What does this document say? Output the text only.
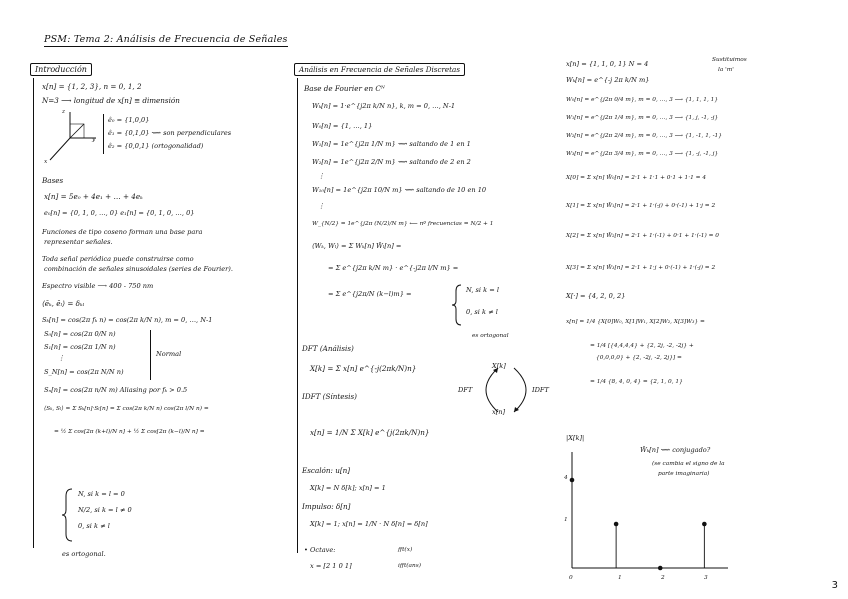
PSM: Tema 2: Análisis de Frecuencia de Señales
Introducción
x[n] = {1, 2, 3}, n = 0, 1, 2
N=3 ⟶ longitud de x[n] ≡ dimensión
z
y
x
ê₀ = {1,0,0}
ê₁ = {0,1,0} ⟿ son perpendiculares
ê₂ = {0,0,1} (ortogonalidad)
Bases
x[n] = 5e₀ + 4e₁ + … + 4eₖ
e₀[n] = {0, 1, 0, …, 0} e₁[n] = {0, 1, 0, …, 0}
Funciones de tipo coseno forman una base para
representar señales.
Toda señal periódica puede construirse como
combinación de señales sinusoidales (series de Fourier).
Espectro visible ⟶ 400 - 750 nm
⟨ēₖ, ēₗ⟩ = δₖₗ
Sₖ[n] = cos(2π fₖ n) = cos(2π k/N n), m = 0, …, N-1
S₀[n] = cos(2π 0/N n)
S₁[n] = cos(2π 1/N n)
⋮
S_N[n] = cos(2π N/N n)
Normal
Sₙ[n] = cos(2π n/N m) Aliasing por fₖ > 0.5
⟨Sₖ, Sₗ⟩ = Σ Sₖ[n]·Sₗ[n] = Σ cos(2π k/N n) cos(2π l/N n) =
= ½ Σ cos[2π (k+l)/N n] + ½ Σ cos[2π (k−l)/N n] =
N, si k = l = 0
N/2, si k = l ≠ 0
0, si k ≠ l
es ortogonal.
Análisis en Frecuencia de Señales Discretas
Base de Fourier en Cᴺ
Wₖ[n] = 1·e^{j2π k/N n}, k, m = 0, …, N-1
W₀[n] = {1, …, 1}
W₁[n] = 1e^{j2π 1/N m} ⟿ saltando de 1 en 1
W₂[n] = 1e^{j2π 2/N m} ⟿ saltando de 2 en 2
⋮
W₁₀[n] = 1e^{j2π 10/N m} ⟿ saltando de 10 en 10
⋮
W_{N/2} = 1e^{j2π (N/2)/N m} ⟵ nº frecuencias = N/2 + 1
⟨Wₖ, Wₗ⟩ = Σ Wₖ[n] W̄ₗ[n] =
= Σ e^{j2π k/N m} · e^{-j2π l/N m} =
= Σ e^{j2π/N (k−l)m} =	N, si k = l
0, si k ≠ l
es ortogonal
DFT (Análisis)
X[k] = Σ x[n] e^{-j(2πk/N)n}
IDFT (Síntesis)
x[n] = 1/N Σ X[k] e^{j(2πk/N)n}
X[k]
x[n]
DFT	IDFT
Escalón: u[n]
X[k] = N δ[k]; x[n] = 1
Impulso: δ[n]
X[k] = 1; x[n] = 1/N · N δ[n] = δ[n]
• Octave:
x = [2 1 0 1]
fft(x)
ifft(ans)
x[n] = {1, 1, 0, 1} N = 4	Sustituimos
la 'm'
Wₖ[n] = e^{-j 2π k/N m}
W₀[n] = e^{j2π 0/4 m}, m = 0, …, 3 ⟶ {1, 1, 1, 1}
W₁[n] = e^{j2π 1/4 m}, m = 0, …, 3 ⟶ {1, j, -1, -j}
W₂[n] = e^{j2π 2/4 m}, m = 0, …, 3 ⟶ {1, -1, 1, -1}
W₃[n] = e^{j2π 3/4 m}, m = 0, …, 3 ⟶ {1, -j, -1, j}
X[0] = Σ x[n] W̄₀[n] = 2·1 + 1·1 + 0·1 + 1·1 = 4
X[1] = Σ x[n] W̄₁[n] = 2·1 + 1·(-j) + 0·(-1) + 1·j = 2
X[2] = Σ x[n] W̄₂[n] = 2·1 + 1·(-1) + 0·1 + 1·(-1) = 0
X[3] = Σ x[n] W̄₃[n] = 2·1 + 1·j + 0·(-1) + 1·(-j) = 2
X[·] = {4, 2, 0, 2}
x[n] = 1/4 {X[0]W₀, X[1]W₁, X[2]W₂, X[3]W₃} =
= 1/4 [{4,4,4,4} + {2, 2j, -2, -2j} +
{0,0,0,0} + {2, -2j, -2, 2j}] =
= 1/4 {8, 4, 0, 4} = {2, 1, 0, 1}
W̄ₖ[n] ⟿ conjugado?
(se cambia el signo de la
parte imaginaria)
|X[k]|
4
1
0	1	2	3
3
